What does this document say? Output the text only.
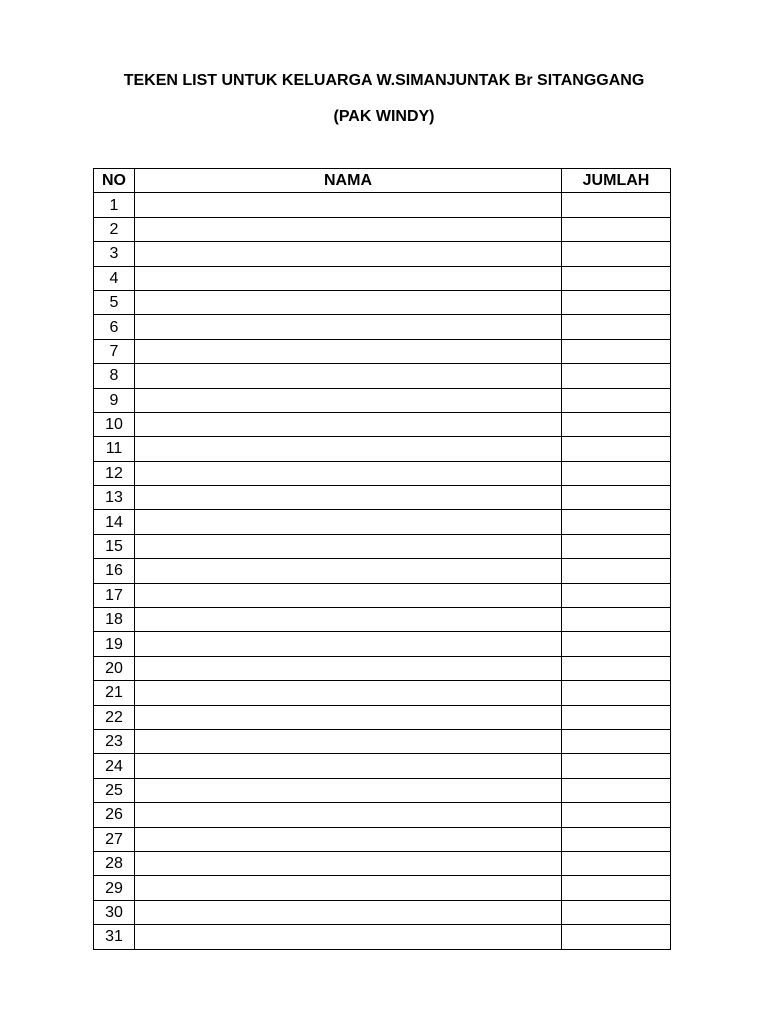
TEKEN LIST UNTUK KELUARGA W.SIMANJUNTAK Br SITANGGANG
(PAK WINDY)
NO	NAMA	JUMLAH
1		
2		
3		
4		
5		
6		
7		
8		
9		
10		
11		
12		
13		
14		
15		
16		
17		
18		
19		
20		
21		
22		
23		
24		
25		
26		
27		
28		
29		
30		
31		
